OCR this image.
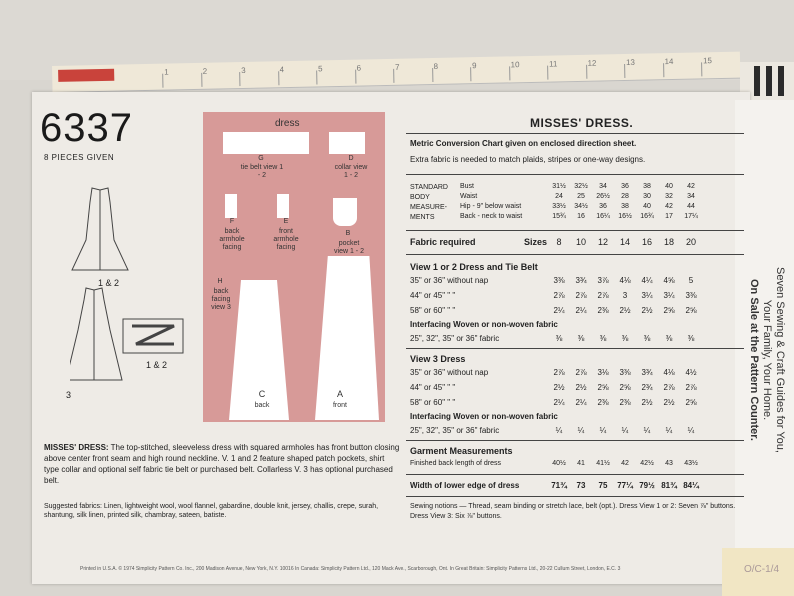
1	2	3	4	5	6	7	8	9	10	11	12	13	14	15
6337
8 PIECES GIVEN
1 & 2
3
1 & 2
dress
G
tie belt view 1 - 2
D
collar view 1 - 2
F
back armhole facing
E
front armhole facing
B
pocket view 1 - 2
H
back facing view 3
C
back
A
front
MISSES' DRESS.
Metric Conversion Chart given on enclosed direction sheet.
Extra fabric is needed to match plaids, stripes or one-way designs.
STANDARD
BODY
MEASURE-
MENTS
Bust	31½	32½	34	36	38	40	42
Waist	24	25	26½	28	30	32	34
Hip - 9" below waist	33½	34½	36	38	40	42	44
Back - neck to waist	15¾	16	16¼	16½	16¾	17	17¼
Fabric required	Sizes	8	10	12	14	16	18	20
View 1 or 2 Dress and Tie Belt
35" or 36" without nap	3⅜	3¾	3⅞	4⅛	4¼	4⅝	5
44" or 45" " "	2⅞	2⅞	2⅞	3	3¼	3¼	3⅜
58" or 60" " "	2¼	2¼	2⅜	2½	2½	2⅝	2⅝
Interfacing Woven or non-woven fabric
25", 32", 35" or 36" fabric	⅜	⅜	⅜	⅜	⅜	⅜	⅜
View 3 Dress
35" or 36" without nap	2⅞	2⅞	3⅛	3⅜	3¾	4⅛	4½
44" or 45" " "	2½	2½	2⅝	2⅝	2¾	2⅞	2⅞
58" or 60" " "	2¼	2¼	2⅜	2⅜	2½	2½	2⅝
Interfacing Woven or non-woven fabric
25", 32", 35" or 36" fabric	¼	¼	¼	¼	¼	¼	¼
Garment Measurements
Finished back length of dress	40½	41	41½	42	42½	43	43½
Width of lower edge of dress	71¾	73	75	77¼ 79½ 81¾ 84¼
Sewing notions — Thread, seam binding or stretch lace, belt (opt.). Dress View 1 or 2: Seven ⅞" buttons. Dress View 3: Six ⅞" buttons.
MISSES' DRESS: The top-stitched, sleeveless dress with squared armholes has front button closing above center front seam and high round neckline. V. 1 and 2 feature shaped patch pockets, shirt type collar and optional self fabric tie belt or purchased belt. Collarless V. 3 has optional purchased belt.
Suggested fabrics: Linen, lightweight wool, wool flannel, gabardine, double knit, jersey, challis, crepe, surah, shantung, silk linen, printed silk, chambray, sateen, batiste.
Printed in U.S.A. © 1974 Simplicity Pattern Co. Inc., 200 Madison Avenue, New York, N.Y. 10016 In Canada: Simplicity Pattern Ltd., 120 Mack Ave., Scarborough, Ont. In Great Britain: Simplicity Patterns Ltd., 20-22 Cullum Street, London, E.C. 3
Seven Sewing & Craft Guides for You,
Your Family, Your Home.
On Sale at the Pattern Counter.
O/C-1/4
